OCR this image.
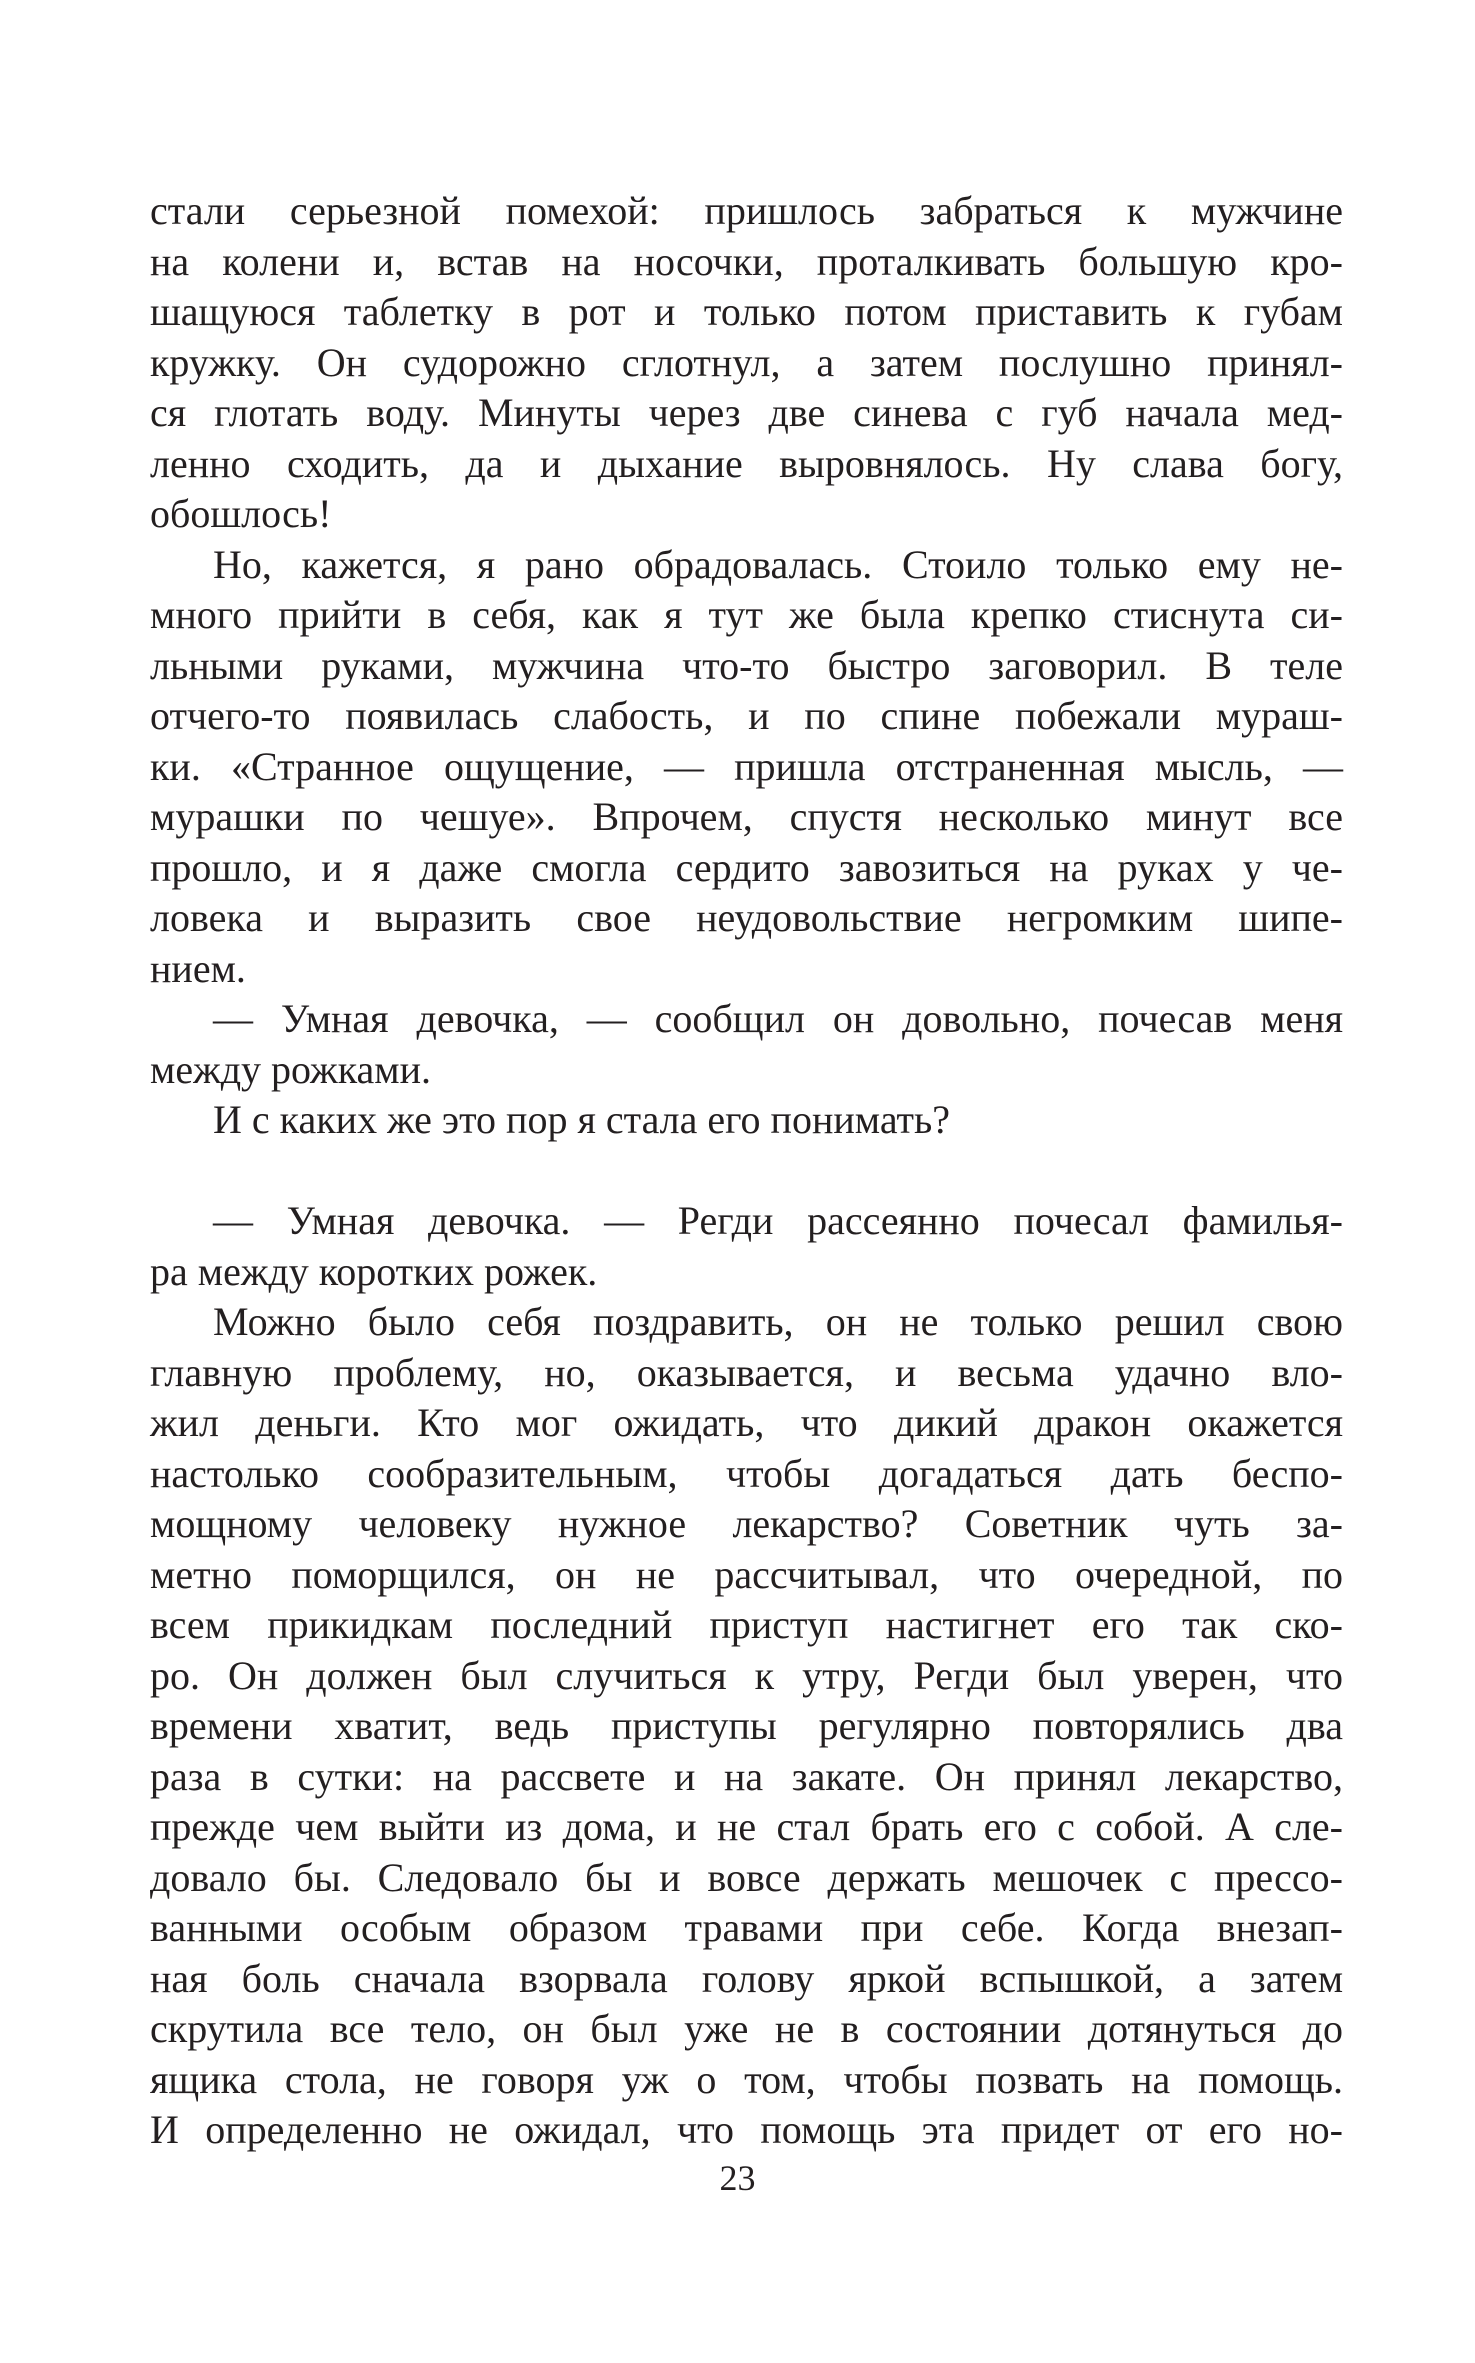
стали серьезной помехой: пришлось забраться к мужчине
на колени и, встав на носочки, проталкивать большую кро-
шащуюся таблетку в рот и только потом приставить к губам
кружку. Он судорожно сглотнул, а затем послушно принял-
ся глотать воду. Минуты через две синева с губ начала мед-
ленно сходить, да и дыхание выровнялось. Ну слава богу,
обошлось!
Но, кажется, я рано обрадовалась. Стоило только ему не-
много прийти в себя, как я тут же была крепко стиснута си-
льными руками, мужчина что-то быстро заговорил. В теле
отчего-то появилась слабость, и по спине побежали мураш-
ки. «Странное ощущение, — пришла отстраненная мысль, —
мурашки по чешуе». Впрочем, спустя несколько минут все
прошло, и я даже смогла сердито завозиться на руках у че-
ловека и выразить свое неудовольствие негромким шипе-
нием.
— Умная девочка, — сообщил он довольно, почесав меня
между рожками.
И с каких же это пор я стала его понимать?
— Умная девочка. — Регди рассеянно почесал фамилья-
ра между коротких рожек.
Можно было себя поздравить, он не только решил свою
главную проблему, но, оказывается, и весьма удачно вло-
жил деньги. Кто мог ожидать, что дикий дракон окажется
настолько сообразительным, чтобы догадаться дать беспо-
мощному человеку нужное лекарство? Советник чуть за-
метно поморщился, он не рассчитывал, что очередной, по
всем прикидкам последний приступ настигнет его так ско-
ро. Он должен был случиться к утру, Регди был уверен, что
времени хватит, ведь приступы регулярно повторялись два
раза в сутки: на рассвете и на закате. Он принял лекарство,
прежде чем выйти из дома, и не стал брать его с собой. А сле-
довало бы. Следовало бы и вовсе держать мешочек с прессо-
ванными особым образом травами при себе. Когда внезап-
ная боль сначала взорвала голову яркой вспышкой, а затем
скрутила все тело, он был уже не в состоянии дотянуться до
ящика стола, не говоря уж о том, чтобы позвать на помощь.
И определенно не ожидал, что помощь эта придет от его но-
23
